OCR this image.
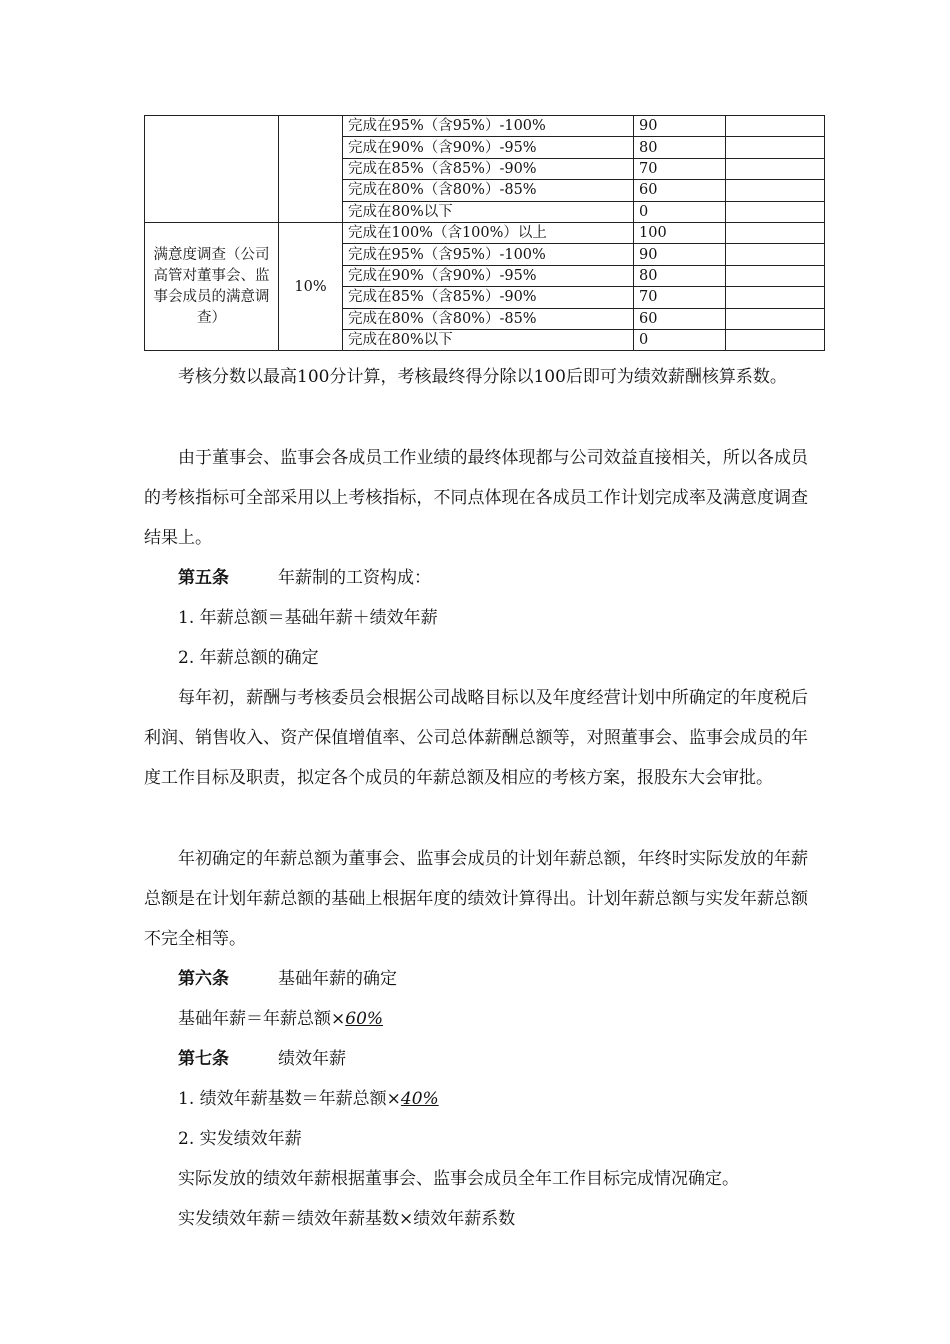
		完成在95%（含95%）-100%	90	
		完成在90%（含90%）-95%	80	
		完成在85%（含85%）-90%	70	
		完成在80%（含80%）-85%	60	
		完成在80%以下	0	
满意度调查（公司高管对董事会、监事会成员的满意调查）	10%	完成在100%（含100%）以上	100	
		完成在95%（含95%）-100%	90	
		完成在90%（含90%）-95%	80	
		完成在85%（含85%）-90%	70	
		完成在80%（含80%）-85%	60	
		完成在80%以下	0	

考核分数以最高100分计算，考核最终得分除以100后即可为绩效薪酬核算系数。

由于董事会、监事会各成员工作业绩的最终体现都与公司效益直接相关，所以各成员的考核指标可全部采用以上考核指标，不同点体现在各成员工作计划完成率及满意度调查结果上。

第五条	年薪制的工资构成：

1. 年薪总额＝基础年薪＋绩效年薪

2. 年薪总额的确定

每年初，薪酬与考核委员会根据公司战略目标以及年度经营计划中所确定的年度税后利润、销售收入、资产保值增值率、公司总体薪酬总额等，对照董事会、监事会成员的年度工作目标及职责，拟定各个成员的年薪总额及相应的考核方案，报股东大会审批。

年初确定的年薪总额为董事会、监事会成员的计划年薪总额，年终时实际发放的年薪总额是在计划年薪总额的基础上根据年度的绩效计算得出。计划年薪总额与实发年薪总额不完全相等。

第六条	基础年薪的确定

基础年薪＝年薪总额×60%

第七条	绩效年薪

1. 绩效年薪基数＝年薪总额×40%

2. 实发绩效年薪

实际发放的绩效年薪根据董事会、监事会成员全年工作目标完成情况确定。

实发绩效年薪＝绩效年薪基数×绩效年薪系数
